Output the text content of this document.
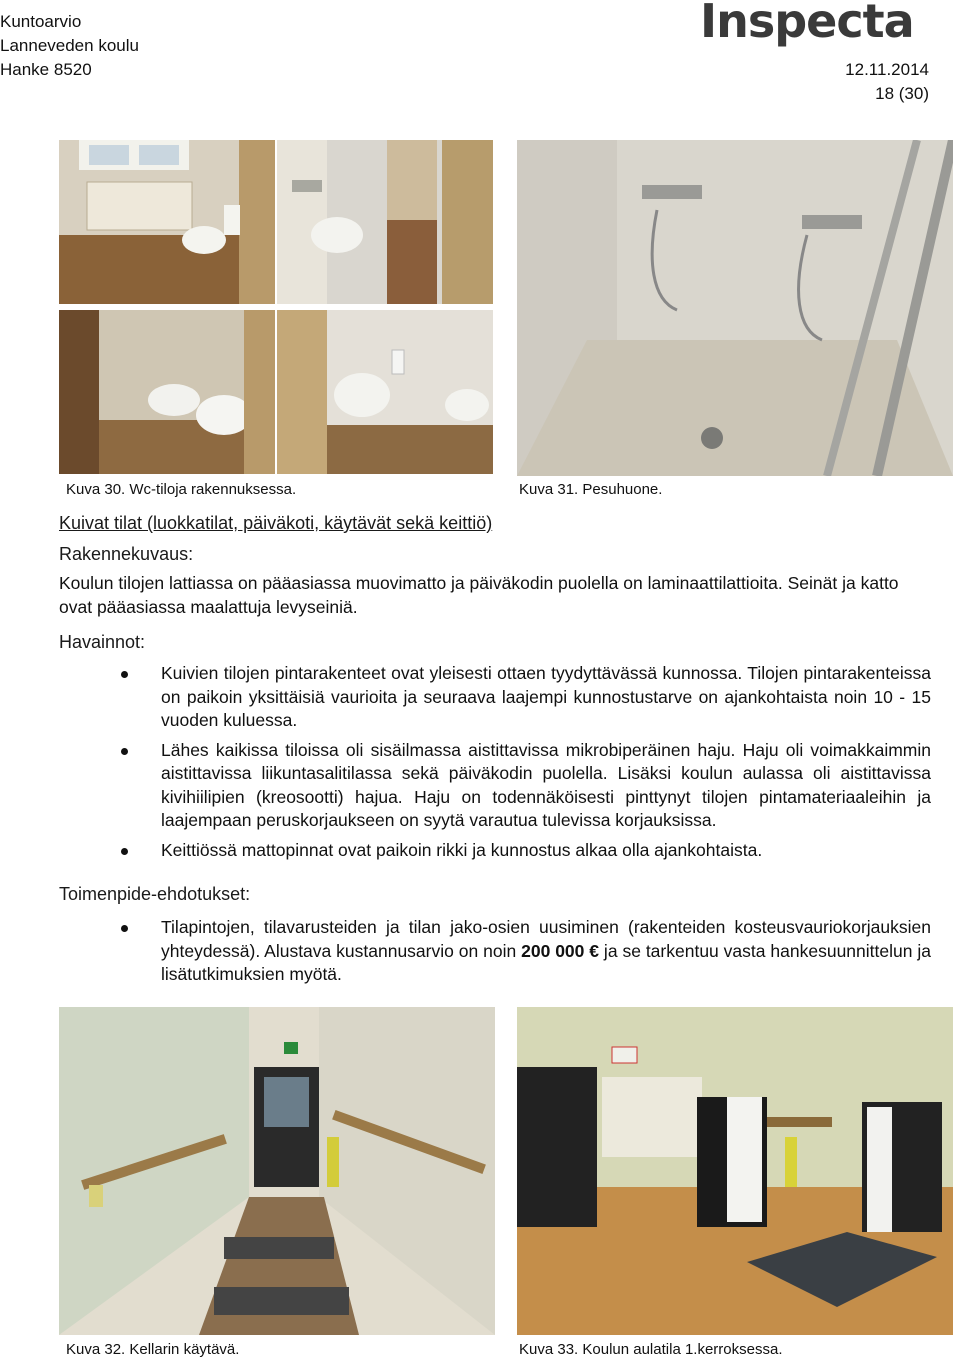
Kuntoarvio
Lanneveden koulu
Hanke 8520
Inspecta
12.11.2014
18 (30)
Kuva 30. Wc-tiloja rakennuksessa.	Kuva 31. Pesuhuone.
Kuivat tilat (luokkatilat, päiväkoti, käytävät sekä keittiö)
Rakennekuvaus:
Koulun tilojen lattiassa on pääasiassa muovimatto ja päiväkodin puolella on laminaattilattioita. Seinät ja katto ovat pääasiassa maalattuja levyseiniä.
Havainnot:
Kuivien tilojen pintarakenteet ovat yleisesti ottaen tyydyttävässä kunnossa. Tilojen pintarakenteissa on paikoin yksittäisiä vaurioita ja seuraava laajempi kunnostustarve on ajankohtaista noin 10 - 15 vuoden kuluessa.
Lähes kaikissa tiloissa oli sisäilmassa aistittavissa mikrobiperäinen haju. Haju oli voimakkaimmin aistittavissa liikuntasalitilassa sekä päiväkodin puolella. Lisäksi koulun aulassa oli aistittavissa kivihiilipien (kreosootti) hajua. Haju on todennäköisesti pinttynyt tilojen pintamateriaaleihin ja laajempaan peruskorjaukseen on syytä varautua tulevissa korjauksissa.
Keittiössä mattopinnat ovat paikoin rikki ja kunnostus alkaa olla ajankohtaista.
Toimenpide-ehdotukset:
Tilapintojen, tilavarusteiden ja tilan jako-osien uusiminen (rakenteiden kosteusvauriokorjauksien yhteydessä). Alustava kustannusarvio on noin 200 000 € ja se tarkentuu vasta hankesuunnittelun ja lisätutkimuksien myötä.
Kuva 32. Kellarin käytävä.	Kuva 33. Koulun aulatila 1.kerroksessa.
